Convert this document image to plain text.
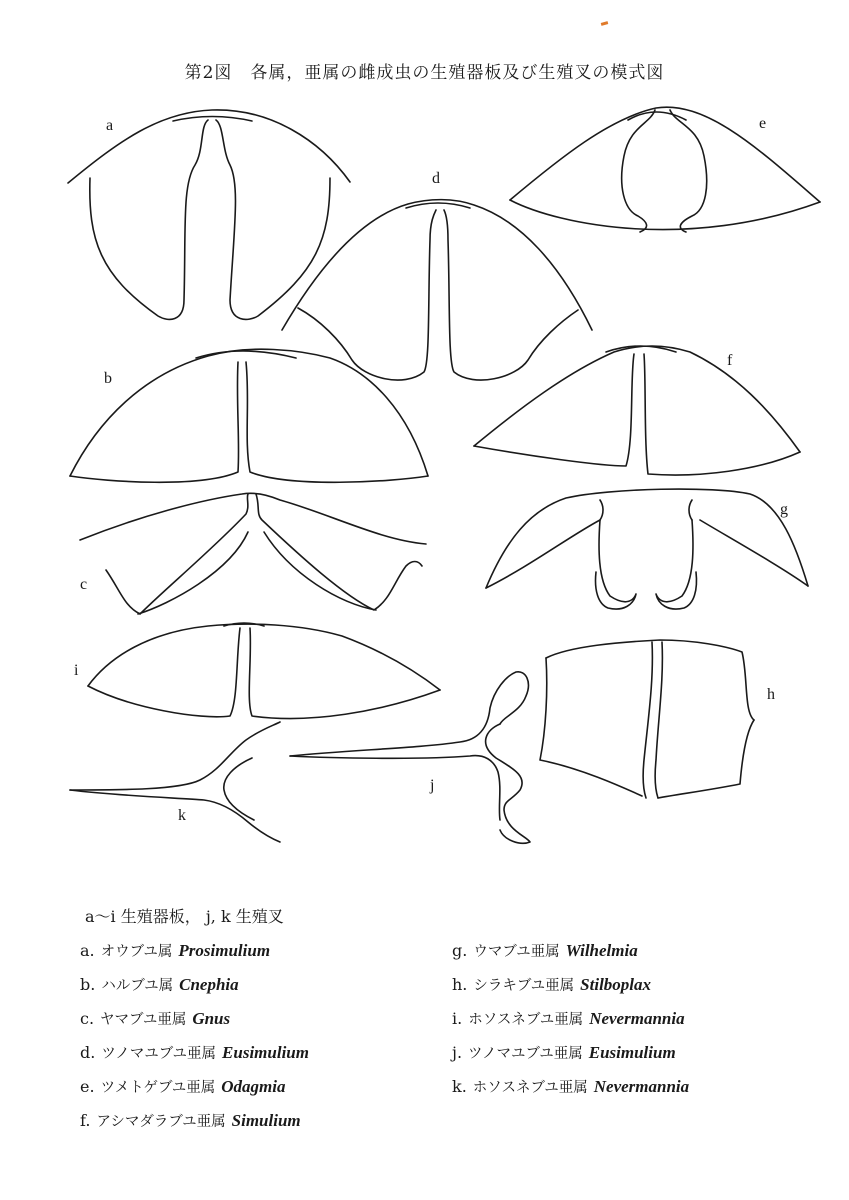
第2図　各属，亜属の雌成虫の生殖器板及び生殖叉の模式図
a
d
e
b
f
c
g
i
h
j
k
a〜i 生殖器板， j, k 生殖叉
a. オウブユ属 Prosimulium
b. ハルブユ属 Cnephia
c. ヤマブユ亜属 Gnus
d. ツノマユブユ亜属 Eusimulium
e. ツメトゲブユ亜属 Odagmia
f. アシマダラブユ亜属 Simulium
g. ウマブユ亜属 Wilhelmia
h. シラキブユ亜属 Stilboplax
i. ホソスネブユ亜属 Nevermannia
j. ツノマユブユ亜属 Eusimulium
k. ホソスネブユ亜属 Nevermannia
